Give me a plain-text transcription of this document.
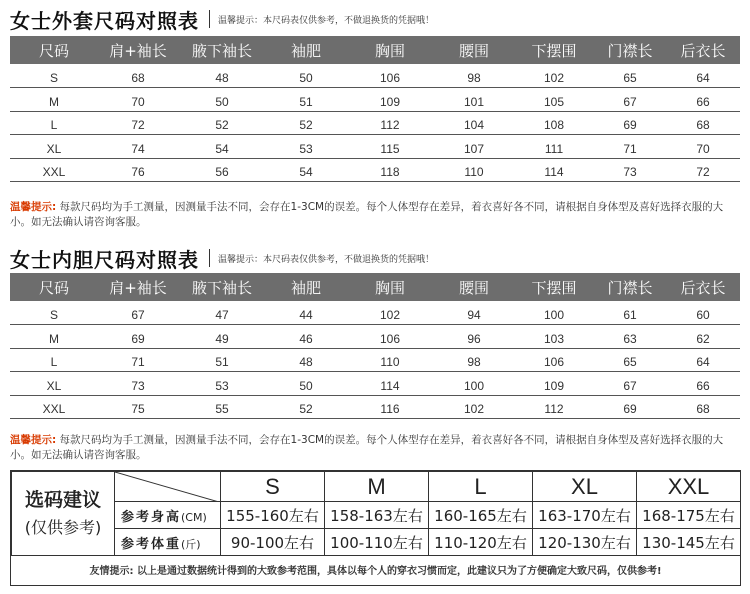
女士外套尺码对照表 温馨提示：本尺码表仅供参考，不做退换货的凭据哦！
尺码	肩+袖长	腋下袖长	袖肥	胸围	腰围	下摆围	门襟长	后衣长
S	68	48	50	106	98	102	65	64
M	70	50	51	109	101	105	67	66
L	72	52	52	112	104	108	69	68
XL	74	54	53	115	107	111	71	70
XXL	76	56	54	118	110	114	73	72
温馨提示: 每款尺码均为手工测量，因测量手法不同，会存在1-3CM的误差。每个人体型存在差异，着衣喜好各不同，请根据自身体型及喜好选择衣服的大小。如无法确认请咨询客服。
女士内胆尺码对照表 温馨提示：本尺码表仅供参考，不做退换货的凭据哦！
尺码	肩+袖长	腋下袖长	袖肥	胸围	腰围	下摆围	门襟长	后衣长
S	67	47	44	102	94	100	61	60
M	69	49	46	106	96	103	63	62
L	71	51	48	110	98	106	65	64
XL	73	53	50	114	100	109	67	66
XXL	75	55	52	116	102	112	69	68
温馨提示: 每款尺码均为手工测量，因测量手法不同，会存在1-3CM的误差。每个人体型存在差异，着衣喜好各不同，请根据自身体型及喜好选择衣服的大小。如无法确认请咨询客服。
选码建议
(仅供参考)		S	M	L	XL	XXL
	参考身高(CM)	155-160左右	158-163左右	160-165左右	163-170左右	168-175左右
	参考体重(斤)	90-100左右	100-110左右	110-120左右	120-130左右	130-145左右
友情提示: 以上是通过数据统计得到的大致参考范围，具体以每个人的穿衣习惯而定，此建议只为了方便确定大致尺码，仅供参考!
